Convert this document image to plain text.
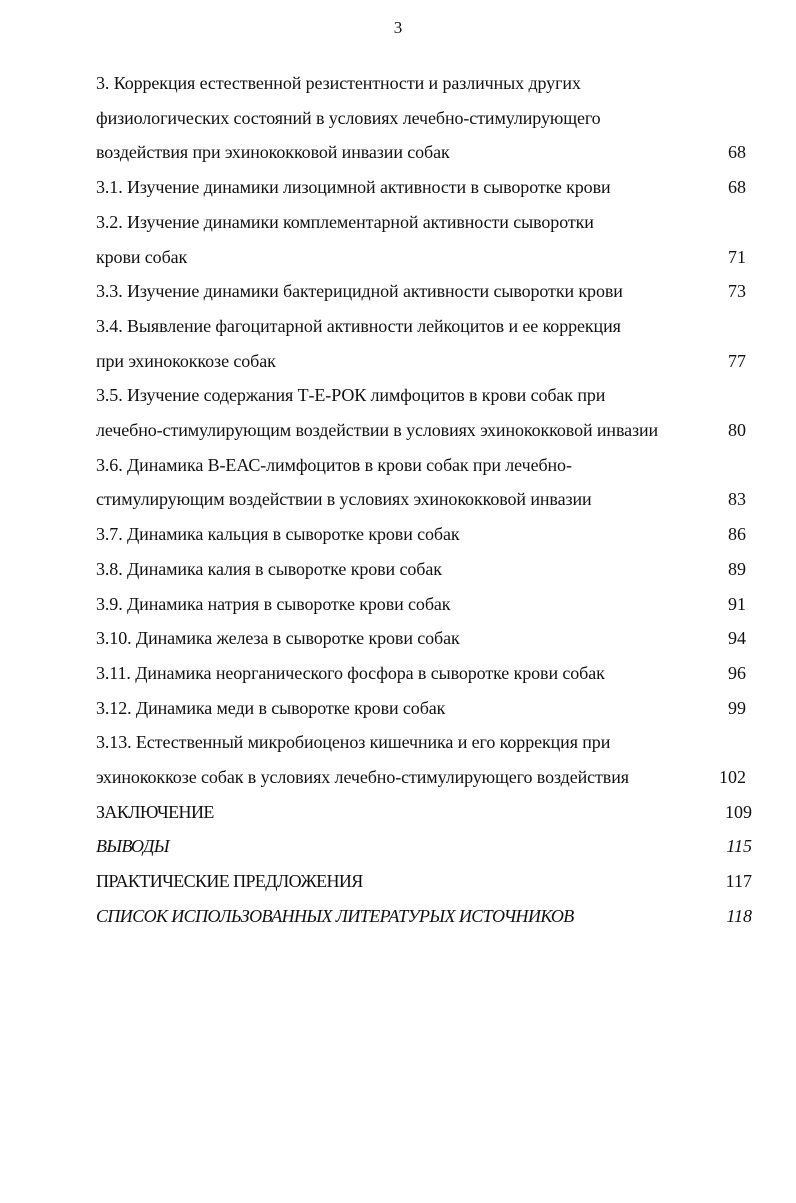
3
3. Коррекция естественной резистентности и различных других
физиологических состояний в условиях лечебно-стимулирующего
воздействия при эхинококковой инвазии собак	68
3.1. Изучение динамики лизоцимной активности в сыворотке крови	68
3.2. Изучение динамики комплементарной активности сыворотки
крови собак	71
3.3. Изучение динамики бактерицидной активности сыворотки крови	73
3.4. Выявление фагоцитарной активности лейкоцитов и ее коррекция
при эхинококкозе собак	77
3.5. Изучение содержания Т-Е-РОК лимфоцитов в крови собак при
лечебно-стимулирующим воздействии в условиях эхинококковой инвазии	80
3.6. Динамика В-ЕАС-лимфоцитов в крови собак при лечебно-
стимулирующим воздействии в условиях эхинококковой инвазии	83
3.7. Динамика кальция в сыворотке крови собак	86
3.8. Динамика калия в сыворотке крови собак	89
3.9. Динамика натрия в сыворотке крови собак	91
3.10. Динамика железа в сыворотке крови собак	94
3.11. Динамика неорганического фосфора в сыворотке крови собак	96
3.12. Динамика меди в сыворотке крови собак	99
3.13. Естественный микробиоценоз кишечника и его коррекция при
эхинококкозе собак в условиях лечебно-стимулирующего воздействия	102
ЗАКЛЮЧЕНИЕ	109
ВЫВОДЫ	115
ПРАКТИЧЕСКИЕ ПРЕДЛОЖЕНИЯ	117
СПИСОК ИСПОЛЬЗОВАННЫХ ЛИТЕРАТУРЫХ ИСТОЧНИКОВ	118
